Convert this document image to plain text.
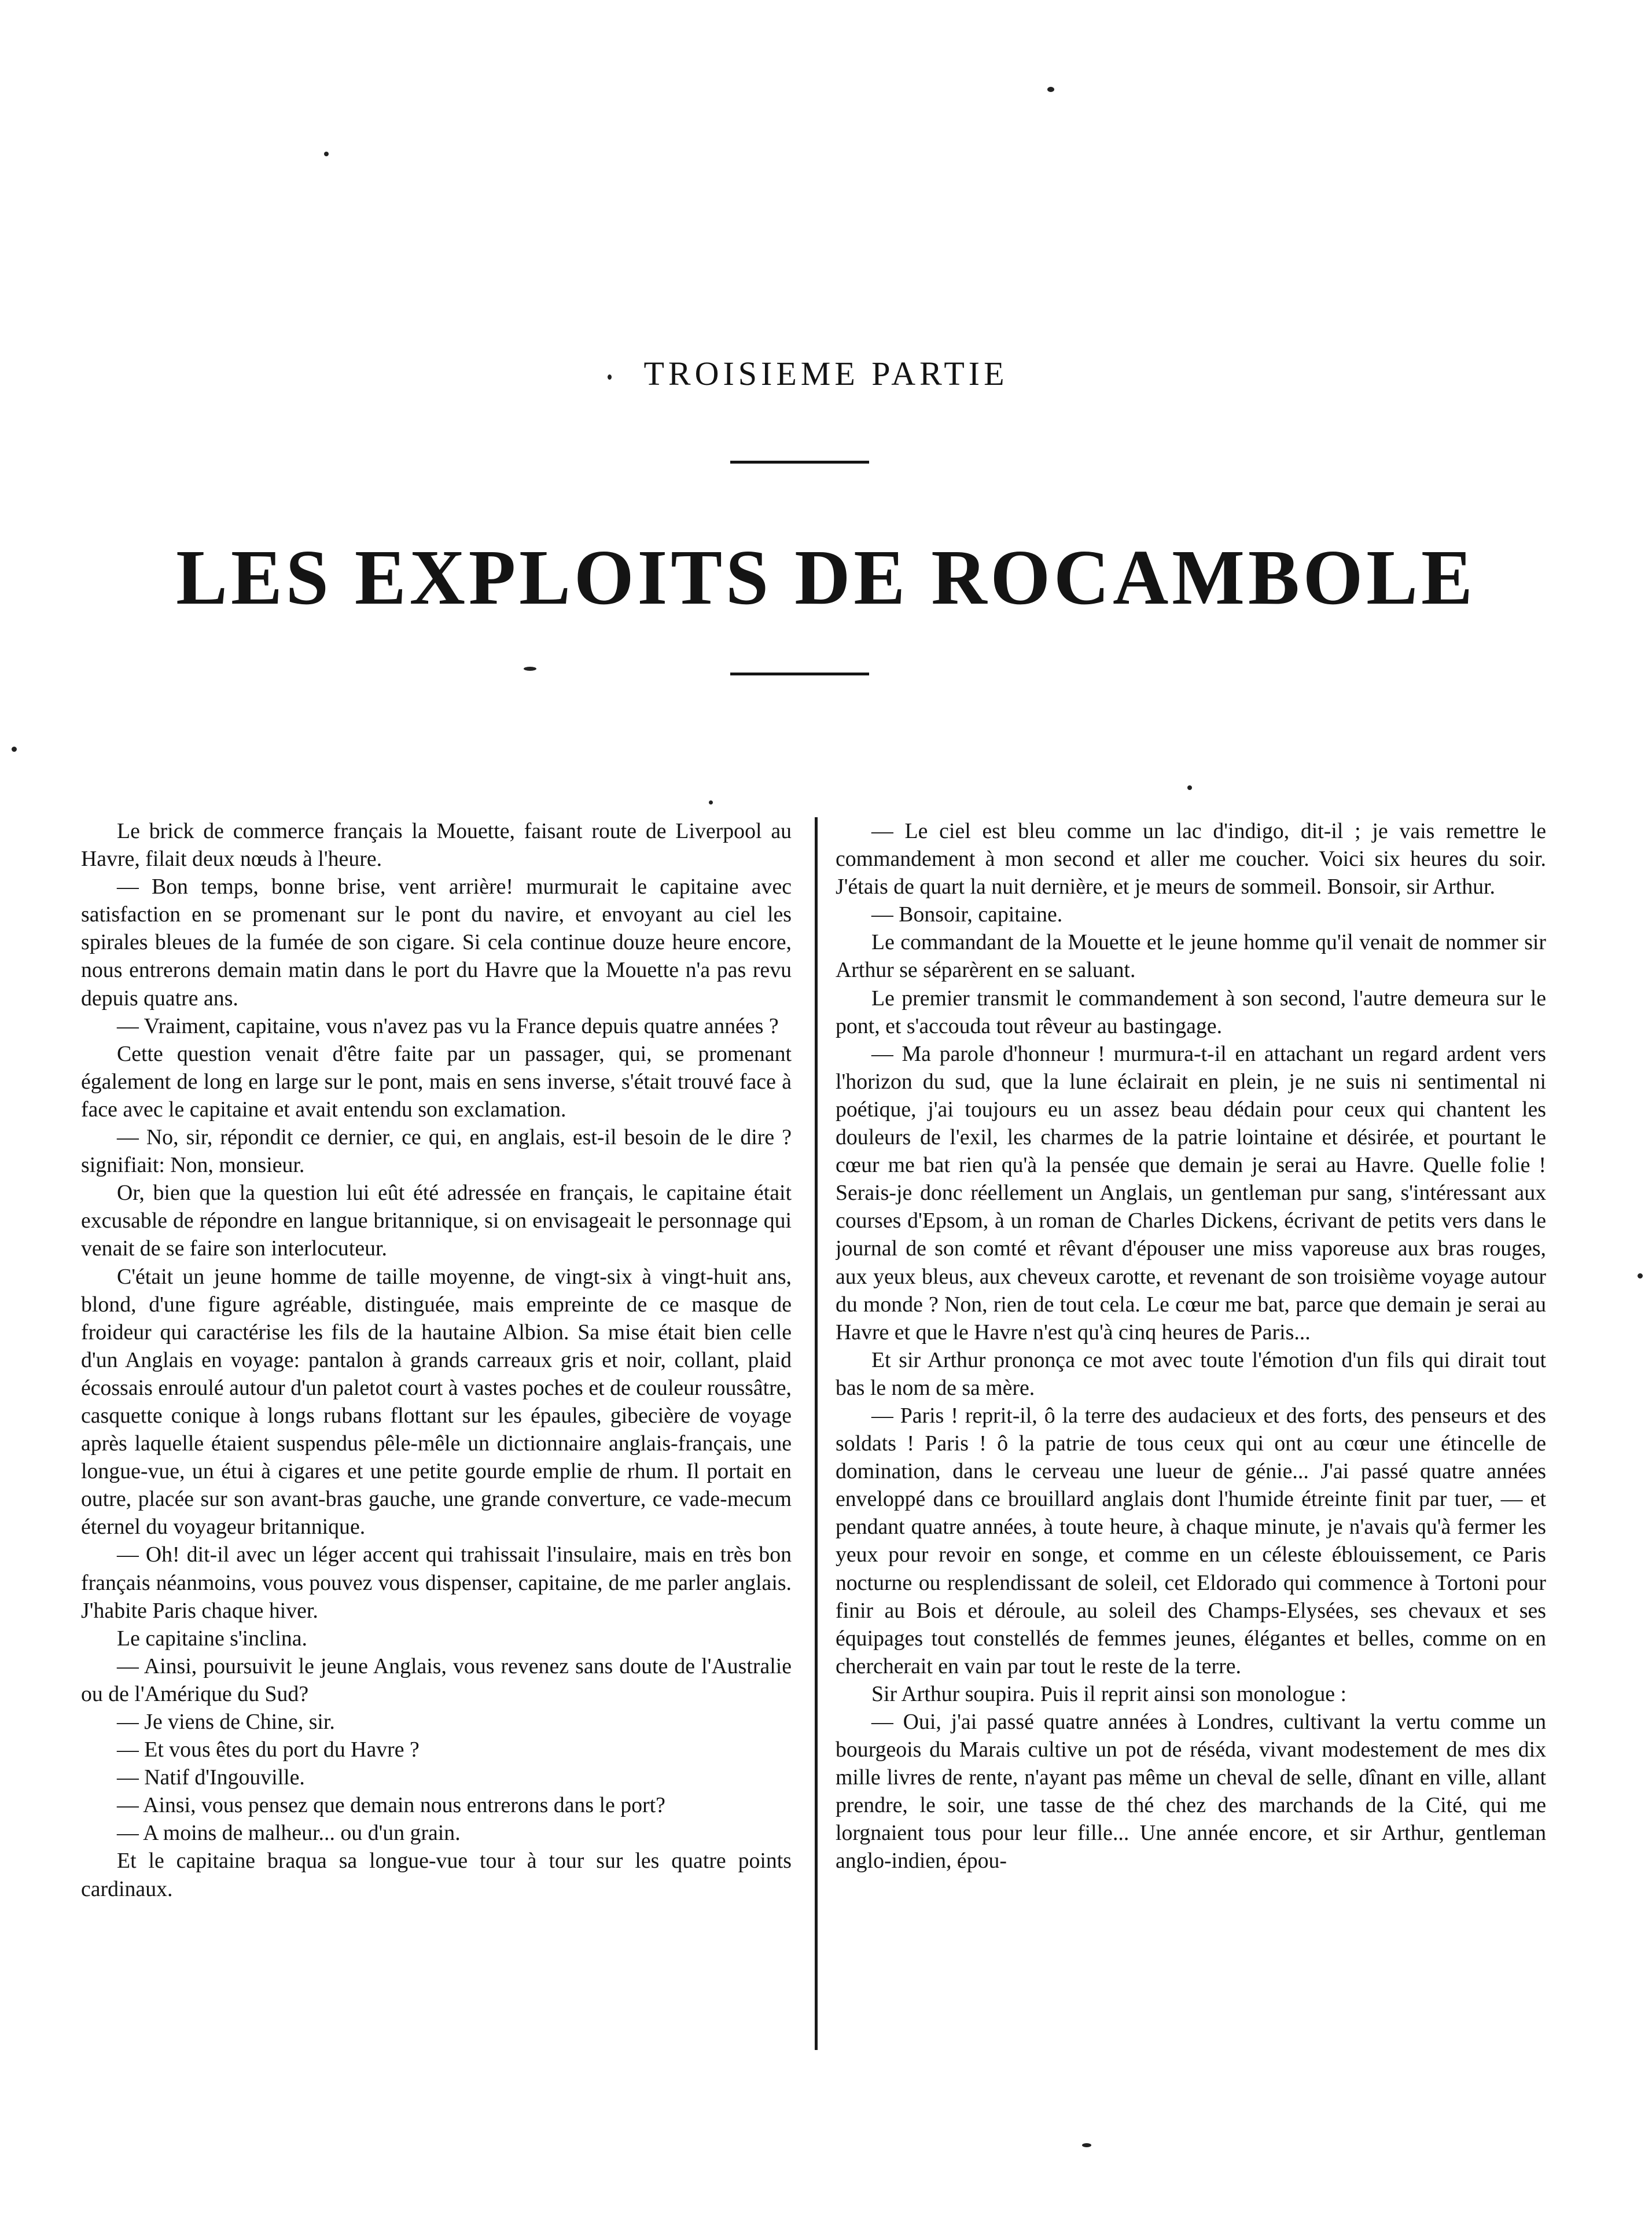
TROISIEME PARTIE
LES EXPLOITS DE ROCAMBOLE

Le brick de commerce français la Mouette, faisant route de Liverpool au Havre, filait deux nœuds à l'heure.

— Bon temps, bonne brise, vent arrière! murmurait le capitaine avec satisfaction en se promenant sur le pont du navire, et envoyant au ciel les spirales bleues de la fumée de son cigare. Si cela continue douze heure encore, nous entrerons demain matin dans le port du Havre que la Mouette n'a pas revu depuis quatre ans.

— Vraiment, capitaine, vous n'avez pas vu la France depuis quatre années ?

Cette question venait d'être faite par un passager, qui, se promenant également de long en large sur le pont, mais en sens inverse, s'était trouvé face à face avec le capitaine et avait entendu son exclamation.

— No, sir, répondit ce dernier, ce qui, en anglais, est-il besoin de le dire ? signifiait: Non, monsieur.

Or, bien que la question lui eût été adressée en français, le capitaine était excusable de répondre en langue britannique, si on envisageait le personnage qui venait de se faire son interlocuteur.

C'était un jeune homme de taille moyenne, de vingt-six à vingt-huit ans, blond, d'une figure agréable, distinguée, mais empreinte de ce masque de froideur qui caractérise les fils de la hautaine Albion. Sa mise était bien celle d'un Anglais en voyage: pantalon à grands carreaux gris et noir, collant, plaid écossais enroulé autour d'un paletot court à vastes poches et de couleur roussâtre, casquette conique à longs rubans flottant sur les épaules, gibecière de voyage après laquelle étaient suspendus pêle-mêle un dictionnaire anglais-français, une longue-vue, un étui à cigares et une petite gourde emplie de rhum. Il portait en outre, placée sur son avant-bras gauche, une grande converture, ce vade-mecum éternel du voyageur britannique.

— Oh! dit-il avec un léger accent qui trahissait l'insulaire, mais en très bon français néanmoins, vous pouvez vous dispenser, capitaine, de me parler anglais. J'habite Paris chaque hiver.

Le capitaine s'inclina.

— Ainsi, poursuivit le jeune Anglais, vous revenez sans doute de l'Australie ou de l'Amérique du Sud?

— Je viens de Chine, sir.

— Et vous êtes du port du Havre ?

— Natif d'Ingouville.

— Ainsi, vous pensez que demain nous entrerons dans le port?

— A moins de malheur... ou d'un grain.

Et le capitaine braqua sa longue-vue tour à tour sur les quatre points cardinaux.

— Le ciel est bleu comme un lac d'indigo, dit-il ; je vais remettre le commandement à mon second et aller me coucher. Voici six heures du soir. J'étais de quart la nuit dernière, et je meurs de sommeil. Bonsoir, sir Arthur.

— Bonsoir, capitaine.

Le commandant de la Mouette et le jeune homme qu'il venait de nommer sir Arthur se séparèrent en se saluant.

Le premier transmit le commandement à son second, l'autre demeura sur le pont, et s'accouda tout rêveur au bastingage.

— Ma parole d'honneur ! murmura-t-il en attachant un regard ardent vers l'horizon du sud, que la lune éclairait en plein, je ne suis ni sentimental ni poétique, j'ai toujours eu un assez beau dédain pour ceux qui chantent les douleurs de l'exil, les charmes de la patrie lointaine et désirée, et pourtant le cœur me bat rien qu'à la pensée que demain je serai au Havre. Quelle folie ! Serais-je donc réellement un Anglais, un gentleman pur sang, s'intéressant aux courses d'Epsom, à un roman de Charles Dickens, écrivant de petits vers dans le journal de son comté et rêvant d'épouser une miss vaporeuse aux bras rouges, aux yeux bleus, aux cheveux carotte, et revenant de son troisième voyage autour du monde ? Non, rien de tout cela. Le cœur me bat, parce que demain je serai au Havre et que le Havre n'est qu'à cinq heures de Paris...

Et sir Arthur prononça ce mot avec toute l'émotion d'un fils qui dirait tout bas le nom de sa mère.

— Paris ! reprit-il, ô la terre des audacieux et des forts, des penseurs et des soldats ! Paris ! ô la patrie de tous ceux qui ont au cœur une étincelle de domination, dans le cerveau une lueur de génie... J'ai passé quatre années enveloppé dans ce brouillard anglais dont l'humide étreinte finit par tuer, — et pendant quatre années, à toute heure, à chaque minute, je n'avais qu'à fermer les yeux pour revoir en songe, et comme en un céleste éblouissement, ce Paris nocturne ou resplendissant de soleil, cet Eldorado qui commence à Tortoni pour finir au Bois et déroule, au soleil des Champs-Elysées, ses chevaux et ses équipages tout constellés de femmes jeunes, élégantes et belles, comme on en chercherait en vain par tout le reste de la terre.

Sir Arthur soupira. Puis il reprit ainsi son monologue :

— Oui, j'ai passé quatre années à Londres, cultivant la vertu comme un bourgeois du Marais cultive un pot de réséda, vivant modestement de mes dix mille livres de rente, n'ayant pas même un cheval de selle, dînant en ville, allant prendre, le soir, une tasse de thé chez des marchands de la Cité, qui me lorgnaient tous pour leur fille... Une année encore, et sir Arthur, gentleman anglo-indien, épou-
